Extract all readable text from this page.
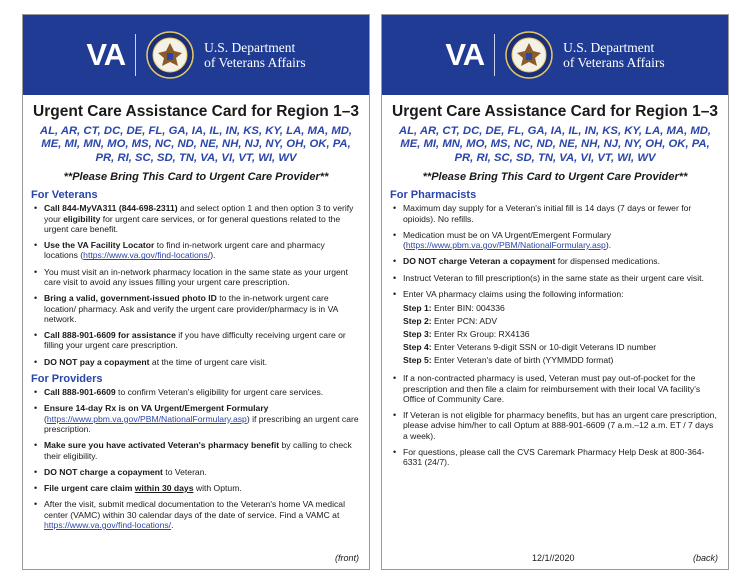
VA	U.S. Department
of Veterans Affairs
Urgent Care Assistance Card for Region 1–3
AL, AR, CT, DC, DE, FL, GA, IA, IL, IN, KS, KY, LA, MA, MD, ME, MI, MN, MO, MS, NC, ND, NE, NH, NJ, NY, OH, OK, PA, PR, RI, SC, SD, TN, VA, VI, VT, WI, WV
**Please Bring This Card to Urgent Care Provider**
For Veterans
• Call 844-MyVA311 (844-698-2311) and select option 1 and then option 3 to verify your eligibility for urgent care services, or for general questions related to the urgent care benefit.
• Use the VA Facility Locator to find in-network urgent care and pharmacy locations (https://www.va.gov/find-locations/).
• You must visit an in-network pharmacy location in the same state as your urgent care visit to avoid any issues filling your urgent care prescription.
• Bring a valid, government-issued photo ID to the in-network urgent care location/ pharmacy. Ask and verify the urgent care provider/pharmacy is in VA network.
• Call 888-901-6609 for assistance if you have difficulty receiving urgent care or filling your urgent care prescription.
• DO NOT pay a copayment at the time of urgent care visit.
For Providers
• Call 888-901-6609 to confirm Veteran's eligibility for urgent care services.
• Ensure 14-day Rx is on VA Urgent/Emergent Formulary (https://www.pbm.va.gov/PBM/NationalFormulary.asp) if prescribing an urgent care prescription.
• Make sure you have activated Veteran's pharmacy benefit by calling to check their eligibility.
• DO NOT charge a copayment to Veteran.
• File urgent care claim within 30 days with Optum.
• After the visit, submit medical documentation to the Veteran's home VA medical center (VAMC) within 30 calendar days of the date of service. Find a VAMC at https://www.va.gov/find-locations/.
(front)
VA	U.S. Department
of Veterans Affairs
Urgent Care Assistance Card for Region 1–3
AL, AR, CT, DC, DE, FL, GA, IA, IL, IN, KS, KY, LA, MA, MD, ME, MI, MN, MO, MS, NC, ND, NE, NH, NJ, NY, OH, OK, PA, PR, RI, SC, SD, TN, VA, VI, VT, WI, WV
**Please Bring This Card to Urgent Care Provider**
For Pharmacists
• Maximum day supply for a Veteran's initial fill is 14 days (7 days or fewer for opioids). No refills.
• Medication must be on VA Urgent/Emergent Formulary (https://www.pbm.va.gov/PBM/NationalFormulary.asp).
• DO NOT charge Veteran a copayment for dispensed medications.
• Instruct Veteran to fill prescription(s) in the same state as their urgent care visit.
• Enter VA pharmacy claims using the following information:
Step 1: Enter BIN: 004336
Step 2: Enter PCN: ADV
Step 3: Enter Rx Group: RX4136
Step 4: Enter Veterans 9-digit SSN or 10-digit Veterans ID number
Step 5: Enter Veteran's date of birth (YYMMDD format)
• If a non-contracted pharmacy is used, Veteran must pay out-of-pocket for the prescription and then file a claim for reimbursement with their local VA facility's Office of Community Care.
• If Veteran is not eligible for pharmacy benefits, but has an urgent care prescription, please advise him/her to call Optum at 888-901-6609 (7 a.m.–12 a.m. ET / 7 days a week).
• For questions, please call the CVS Caremark Pharmacy Help Desk at 800-364-6331 (24/7).
12/1//2020	(back)
